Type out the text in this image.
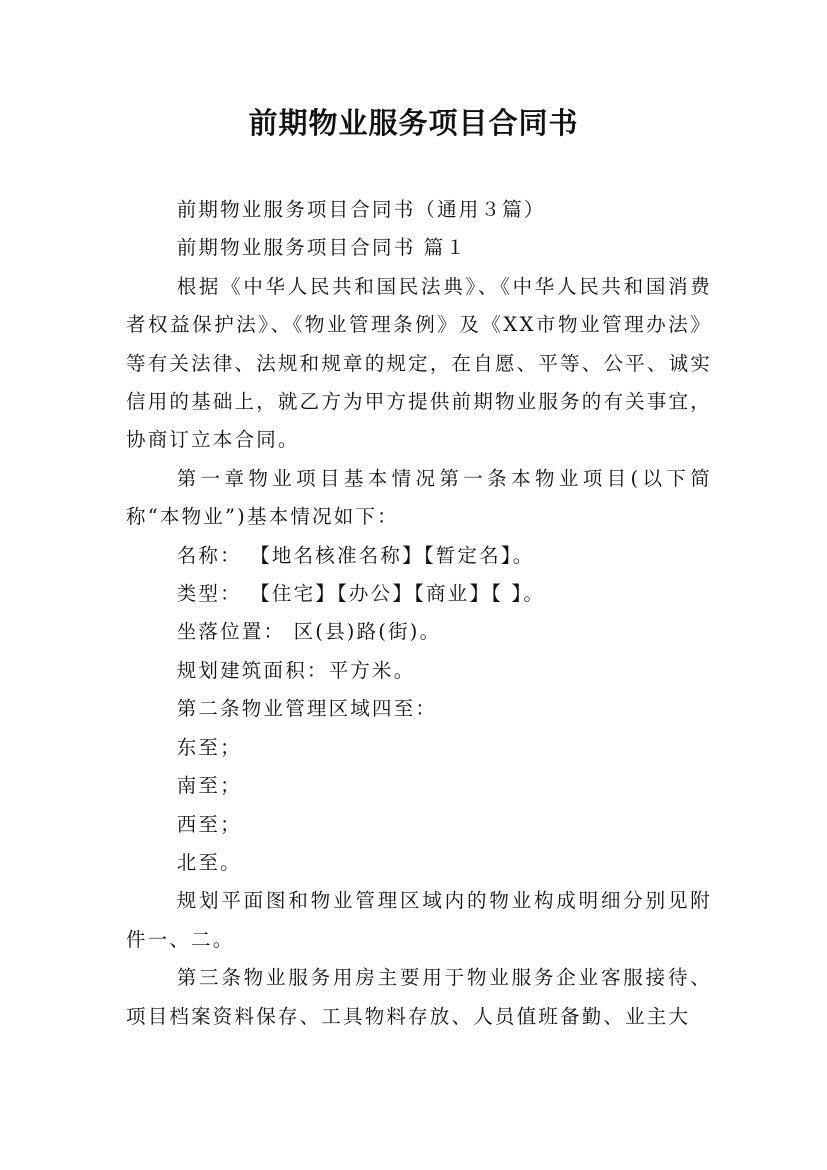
前期物业服务项目合同书

前期物业服务项目合同书（通用３篇）

前期物业服务项目合同书 篇１

根据《中华人民共和国民法典》、《中华人民共和国消费者权益保护法》、《物业管理条例》及《XX市物业管理办法》等有关法律、法规和规章的规定，在自愿、平等、公平、诚实信用的基础上，就乙方为甲方提供前期物业服务的有关事宜，协商订立本合同。

第一章物业项目基本情况第一条本物业项目(以下简称“本物业”)基本情况如下：

名称： 【地名核准名称】【暂定名】。

类型： 【住宅】【办公】【商业】【 】。

坐落位置： 区(县)路(街)。

规划建筑面积：平方米。

第二条物业管理区域四至：

东至；

南至；

西至；

北至。

规划平面图和物业管理区域内的物业构成明细分别见附件一、二。

第三条物业服务用房主要用于物业服务企业客服接待、项目档案资料保存、工具物料存放、人员值班备勤、业主大
